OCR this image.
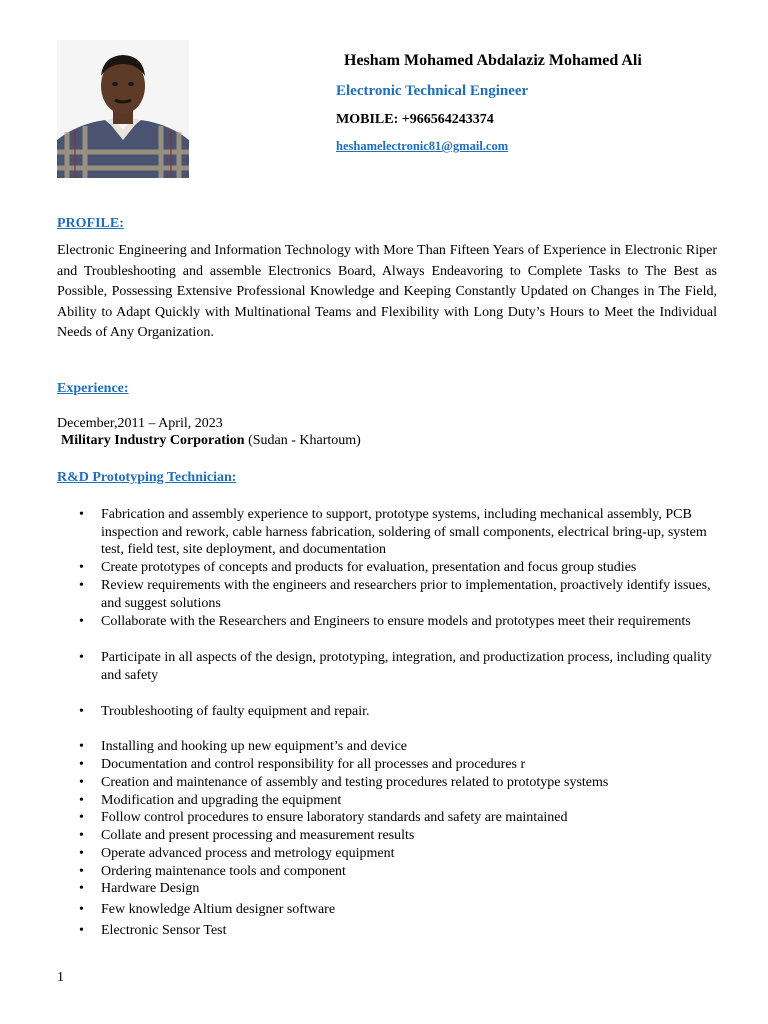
Hesham Mohamed Abdalaziz Mohamed Ali
Electronic Technical Engineer
MOBILE: +966564243374
heshamelectronic81@gmail.com
PROFILE:
Electronic Engineering and Information Technology with More Than Fifteen Years of Experience in Electronic Riper and Troubleshooting and assemble Electronics Board, Always Endeavoring to Complete Tasks to The Best as Possible, Possessing Extensive Professional Knowledge and Keeping Constantly Updated on Changes in The Field, Ability to Adapt Quickly with Multinational Teams and Flexibility with Long Duty’s Hours to Meet the Individual Needs of Any Organization.
Experience:
December,2011 – April, 2023
Military Industry Corporation (Sudan - Khartoum)
R&D Prototyping Technician:
• Fabrication and assembly experience to support, prototype systems, including mechanical assembly, PCB inspection and rework, cable harness fabrication, soldering of small components, electrical bring-up, system test, field test, site deployment, and documentation
• Create prototypes of concepts and products for evaluation, presentation and focus group studies
• Review requirements with the engineers and researchers prior to implementation, proactively identify issues, and suggest solutions
• Collaborate with the Researchers and Engineers to ensure models and prototypes meet their requirements
• Participate in all aspects of the design, prototyping, integration, and productization process, including quality and safety
• Troubleshooting of faulty equipment and repair.
• Installing and hooking up new equipment’s and device
• Documentation and control responsibility for all processes and procedures r
• Creation and maintenance of assembly and testing procedures related to prototype systems
• Modification and upgrading the equipment
• Follow control procedures to ensure laboratory standards and safety are maintained
• Collate and present processing and measurement results
• Operate advanced process and metrology equipment
• Ordering maintenance tools and component
• Hardware Design
• Few knowledge Altium designer software
• Electronic Sensor Test
1
